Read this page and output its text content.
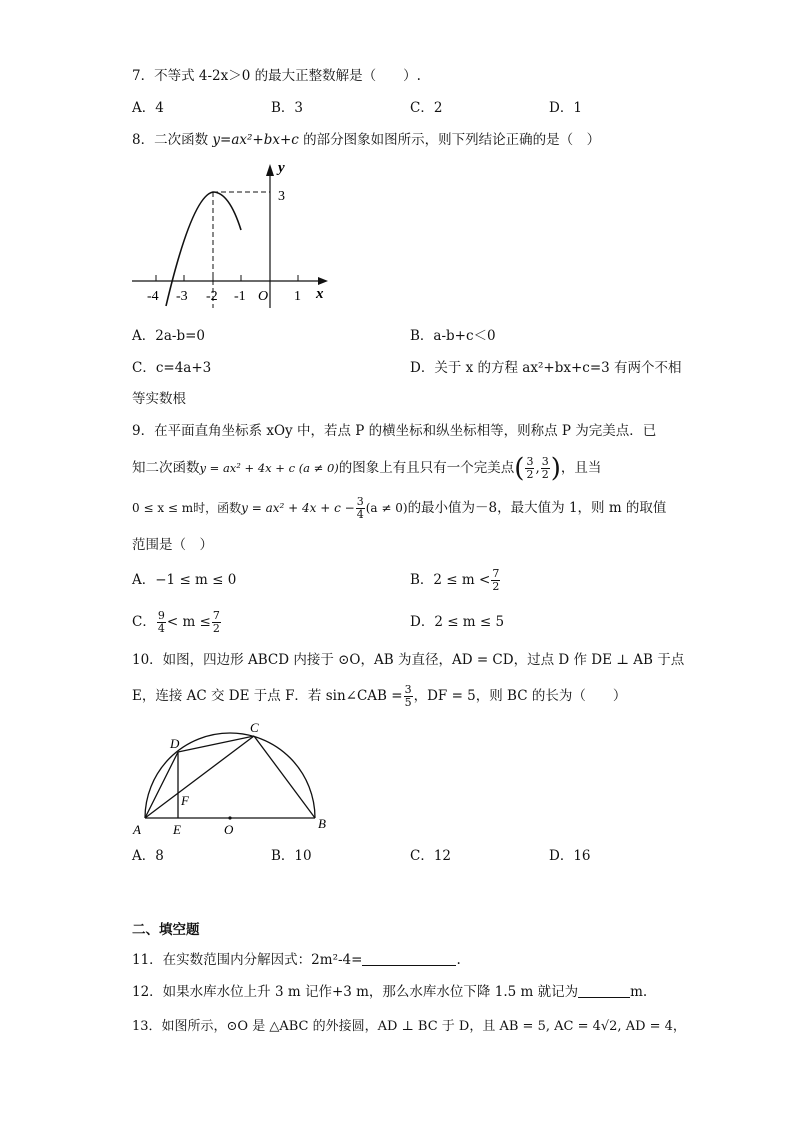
7．不等式 4-2x＞0 的最大正整数解是（　　）.
A．4	B．3	C．2	D．1
8．二次函数 y=ax²+bx+c 的部分图象如图所示，则下列结论正确的是（　）
y
3
x
O
-4 -3 -2 -1	1
A．2a-b=0	B．a-b+c＜0
C．c=4a+3	D．关于 x 的方程 ax²+bx+c=3 有两个不相
等实数根
9．在平面直角坐标系 xOy 中，若点 P 的横坐标和纵坐标相等，则称点 P 为完美点．已
知二次函数y = ax² + 4x + c (a ≠ 0)的图象上有且只有一个完美点( $\frac{3}{2}$ , $\frac{3}{2}$ )，且当
0 ≤ x ≤ m时，函数$y = ax^2 + 4x + c - \frac{3}{4} (a \ne 0)$的最小值为－8，最大值为 1，则 m 的取值
范围是（　）
A．−1 ≤ m ≤ 0	B．$2 \le m < \frac{7}{2}$
C． $\frac{9}{4} < m \le \frac{7}{2}$	D．2 ≤ m ≤ 5
10．如图，四边形 ABCD 内接于 ⊙O，AB 为直径，AD = CD，过点 D 作 DE ⊥ AB 于点
E，连接 AC 交 DE 于点 F．若 sin∠CAB = $\frac{3}{5}$ ，DF = 5，则 BC 的长为（　　）
A	B
C
D
E
F
O
A．8	B．10	C．12	D．16
二、填空题
11．在实数范围内分解因式：2m²-4=	.
12．如果水库水位上升 3 m 记作+3 m，那么水库水位下降 1.5 m 就记为	m.
13．如图所示，⊙O 是 △ABC 的外接圆，AD ⊥ BC 于 D，且 AB = 5, AC = 4√2, AD = 4，
